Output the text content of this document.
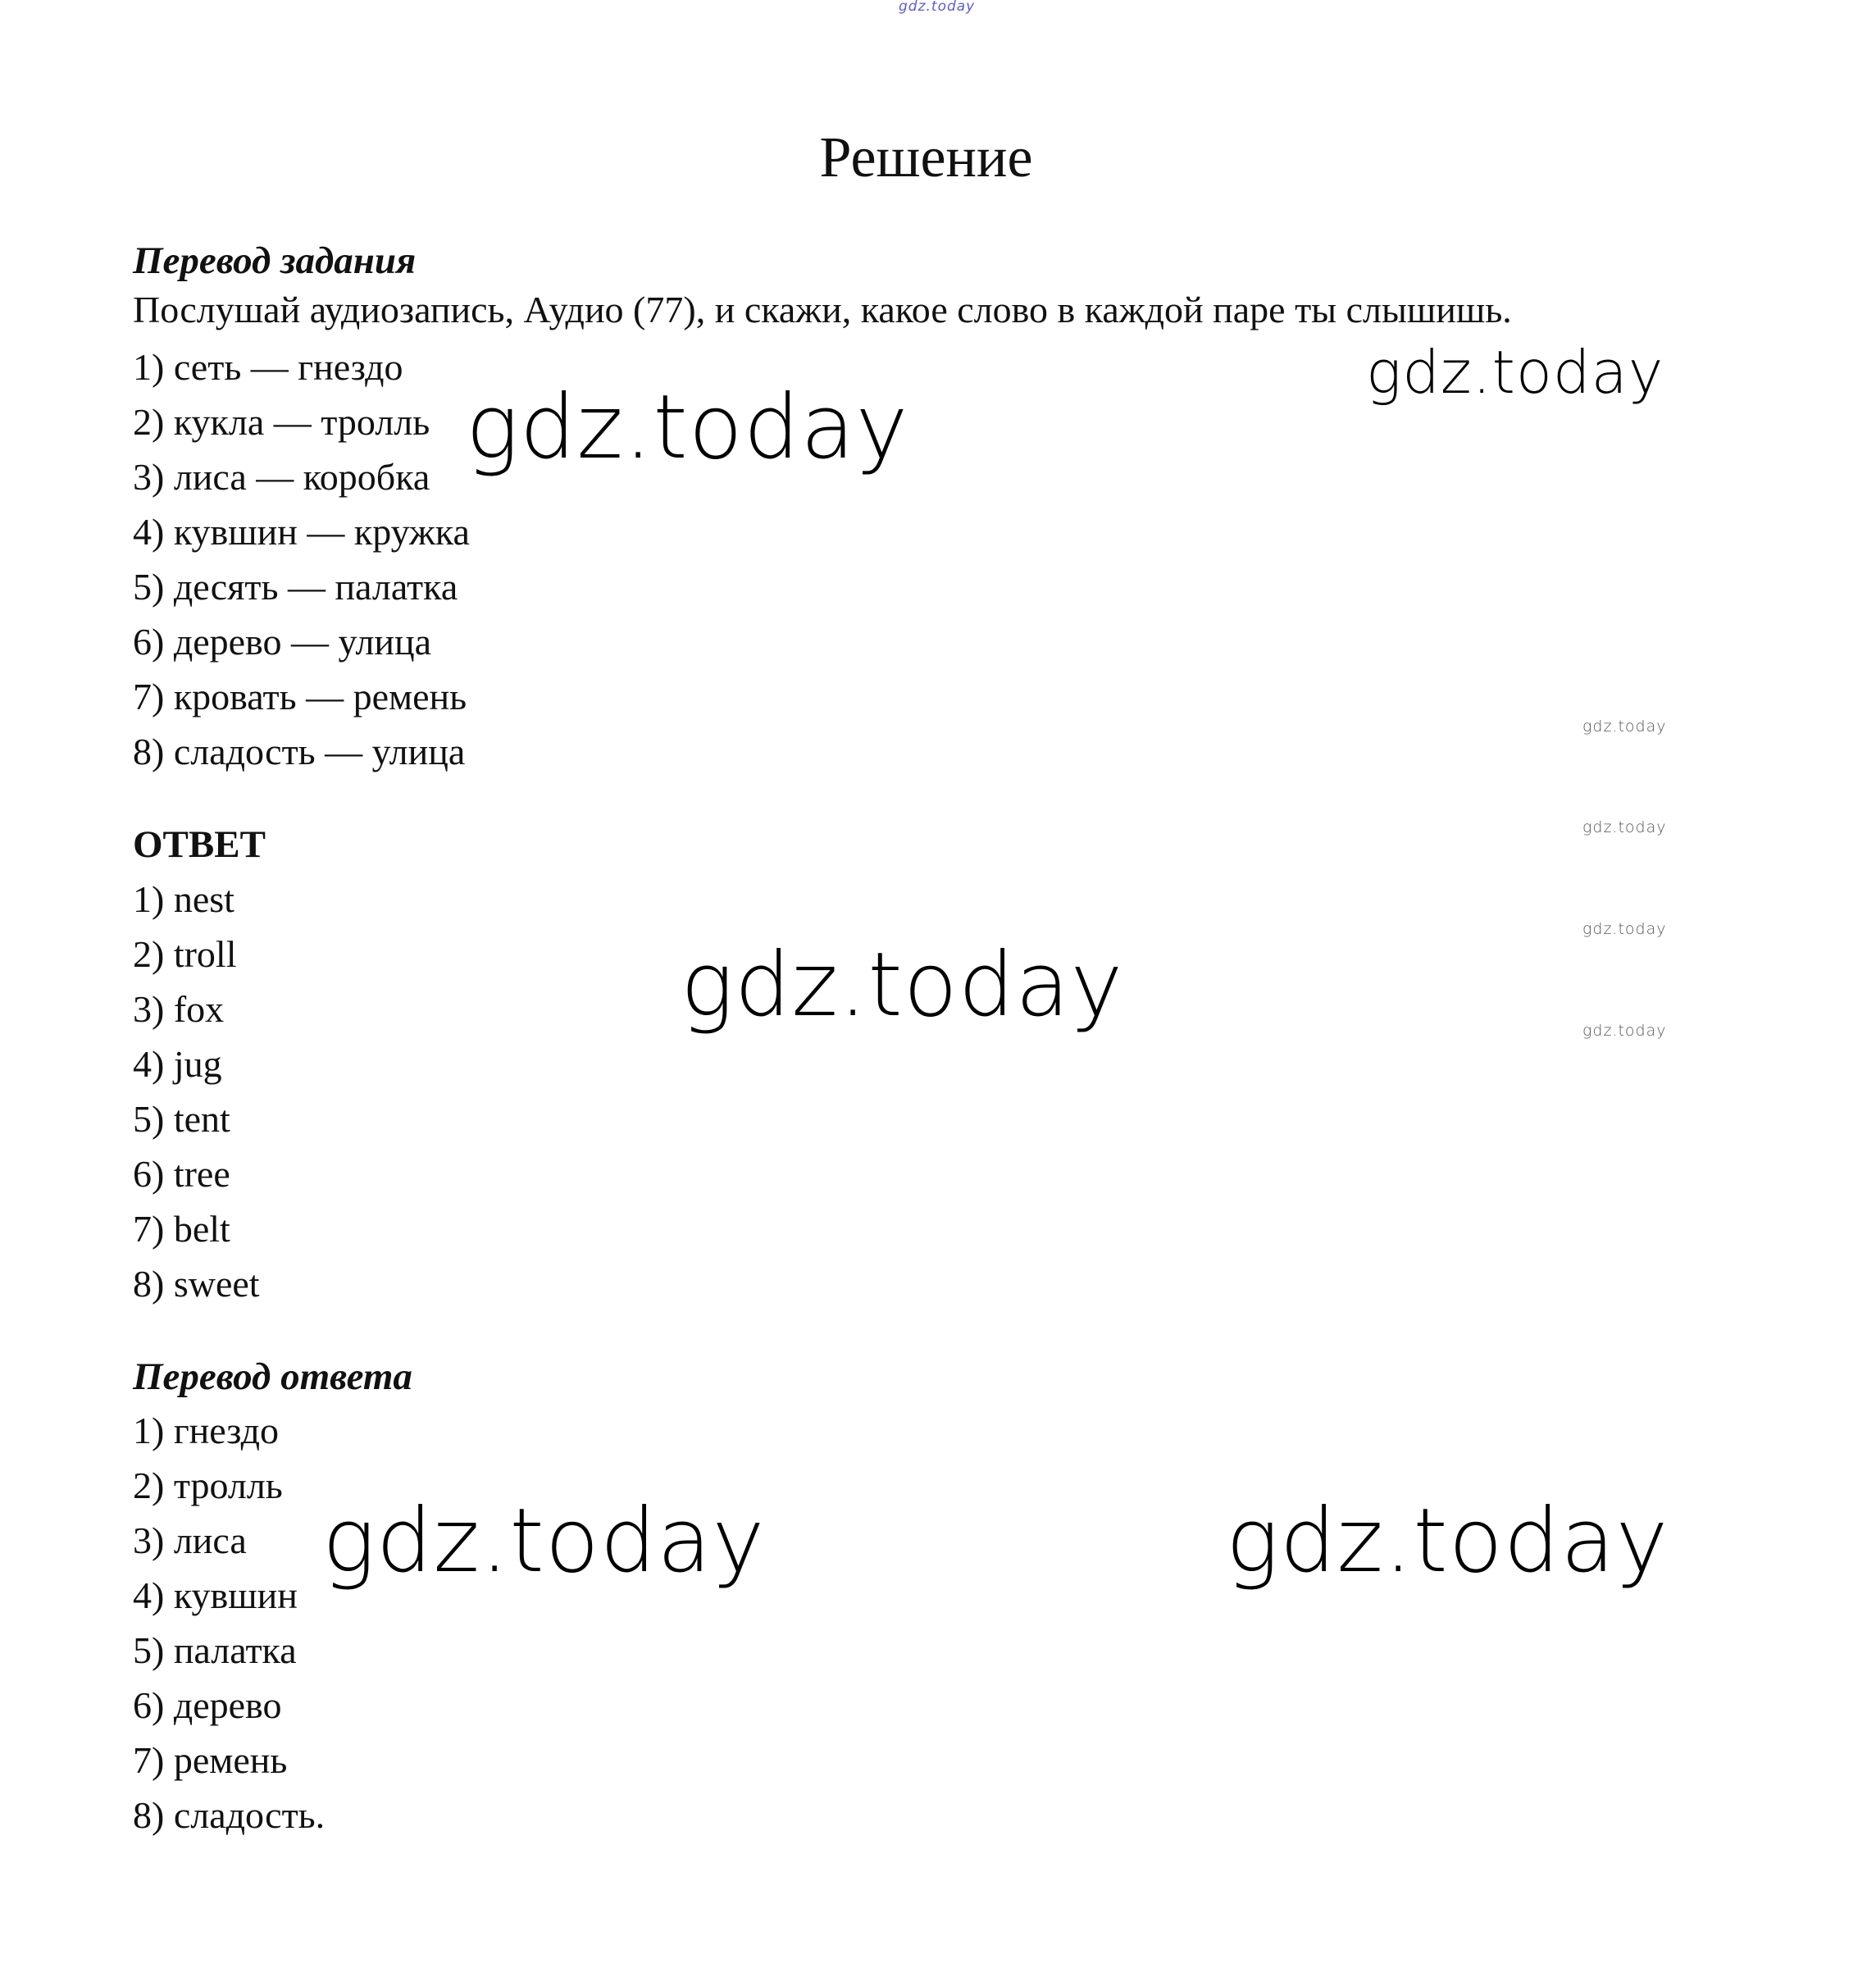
gdz.today
gdz.today
gdz.today
gdz.today
gdz.today
gdz.today
gdz.today
gdz.today
gdz.today	gdz.today
Решение
Перевод задания

Послушай аудиозапись, Аудио (77), и скажи, какое слово в каждой паре ты слышишь.

1) сеть — гнездо
2) кукла — тролль
3) лиса — коробка
4) кувшин — кружка
5) десять — палатка
6) дерево — улица
7) кровать — ремень
8) сладость — улица
ОТВЕТ
1) nest
2) troll
3) fox
4) jug
5) tent
6) tree
7) belt
8) sweet
Перевод ответа
1) гнездо
2) тролль
3) лиса
4) кувшин
5) палатка
6) дерево
7) ремень
8) сладость.
